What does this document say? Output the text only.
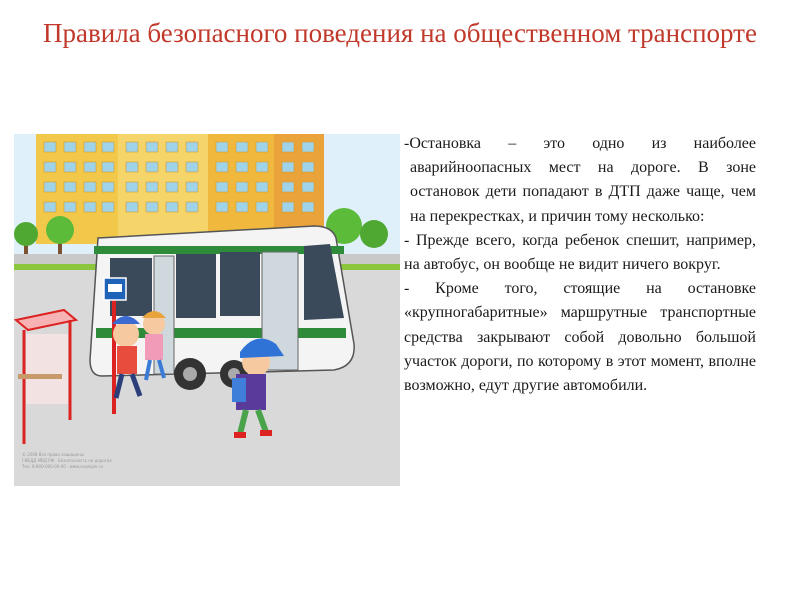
Правила безопасного поведения на общественном транспорте
© 2008 Все права защищены
ГИБДД МВД РФ · Безопасность на дорогах
Тел. 8-800-000-00-00 · www.example.ru

-Остановка – это одно из наиболее аварийноопасных мест на дороге. В зоне остановок дети попадают в ДТП даже чаще, чем на перекрестках, и причин тому несколько:

- Прежде всего, когда ребенок спешит, например, на автобус, он вообще не видит ничего вокруг.

- Кроме того, стоящие на остановке «крупногабаритные» маршрутные транспортные средства закрывают собой довольно большой участок дороги, по которому в этот момент, вполне возможно, едут другие автомобили.
